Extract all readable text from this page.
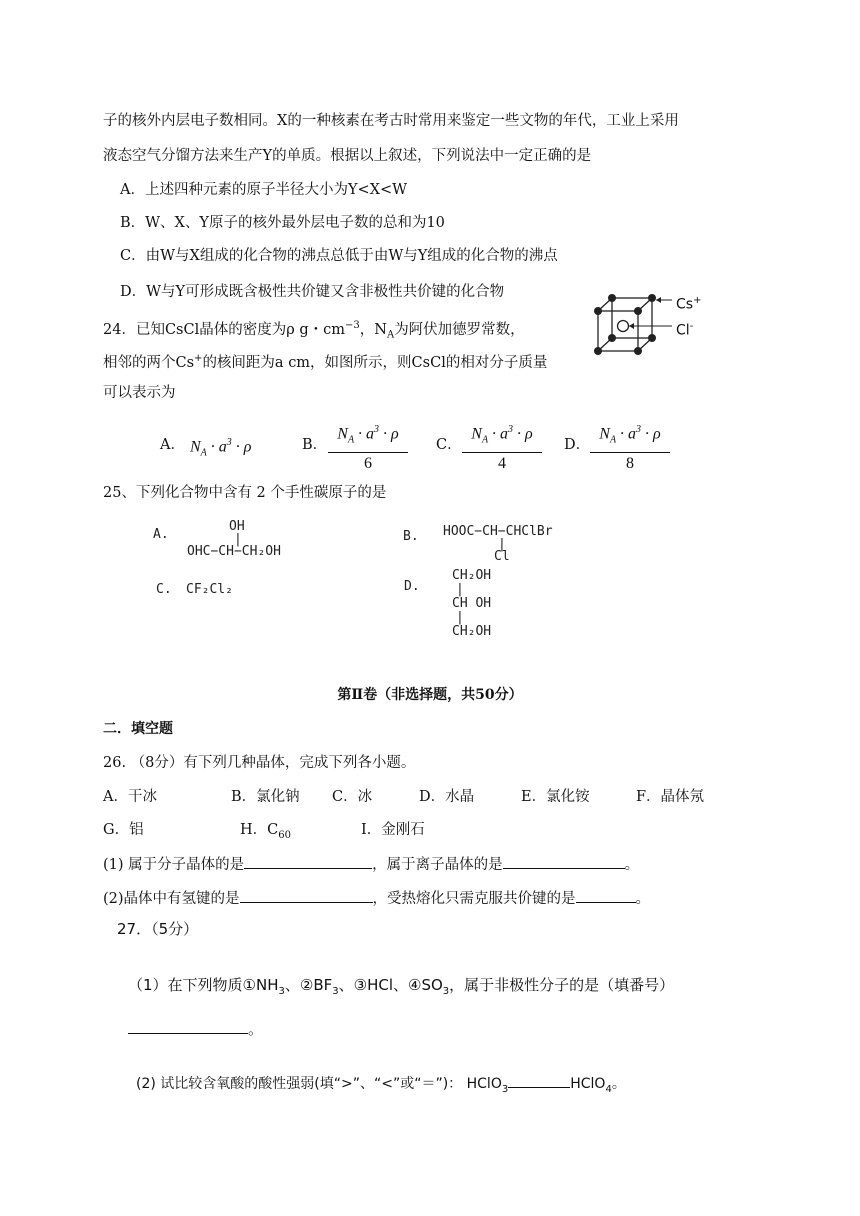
子的核外内层电子数相同。X的一种核素在考古时常用来鉴定一些文物的年代，工业上采用
液态空气分馏方法来生产Y的单质。根据以上叙述，下列说法中一定正确的是
A．上述四种元素的原子半径大小为Y<X<W
B．W、X、Y原子的核外最外层电子数的总和为10
C．由W与X组成的化合物的沸点总低于由W与Y组成的化合物的沸点
D．W与Y可形成既含极性共价键又含非极性共价键的化合物
24．已知CsCl晶体的密度为ρ g・$cm^{-3}$，$N_A$为阿伏加德罗常数，
相邻的两个Cs+的核间距为a cm，如图所示，则CsCl的相对分子质量
可以表示为
Cs+
Cl-
A． $N_A \cdot a^3 \cdot \rho$	B． $\frac{N_A \cdot a^3 \cdot \rho}{6}$ C． $\frac{N_A \cdot a^3 \cdot \rho}{4}$ D． $\frac{N_A \cdot a^3 \cdot \rho}{8}$
25、下列化合物中含有 2 个手性碳原子的是
A.
OH
|
OHC−CH−CH₂OH
B. HOOC−CH−CHClBr
|
Cl
C. CF₂Cl₂	D.
CH₂OH
|
CH OH
|
CH₂OH
第Ⅱ卷（非选择题，共50分）
二．填空题
26. （8分）有下列几种晶体，完成下列各小题。
A．干冰	B．氯化钠 C．冰	D．水晶	E．氯化铵	F．晶体氖
G．铝	H．$C_{60}$	I．金刚石
(1) 属于分子晶体的是	，属于离子晶体的是	。
(2)晶体中有氢键的是	，受热熔化只需克服共价键的是	。
27．（5分）
（1）在下列物质$①NH_3$、$②BF_3$、③HCl、$④SO_3$，属于非极性分子的是（填番号）
。
(2) 试比较含氧酸的酸性强弱(填“>”、“<”或“＝”)： HClO$_3$	HClO$_4$。
